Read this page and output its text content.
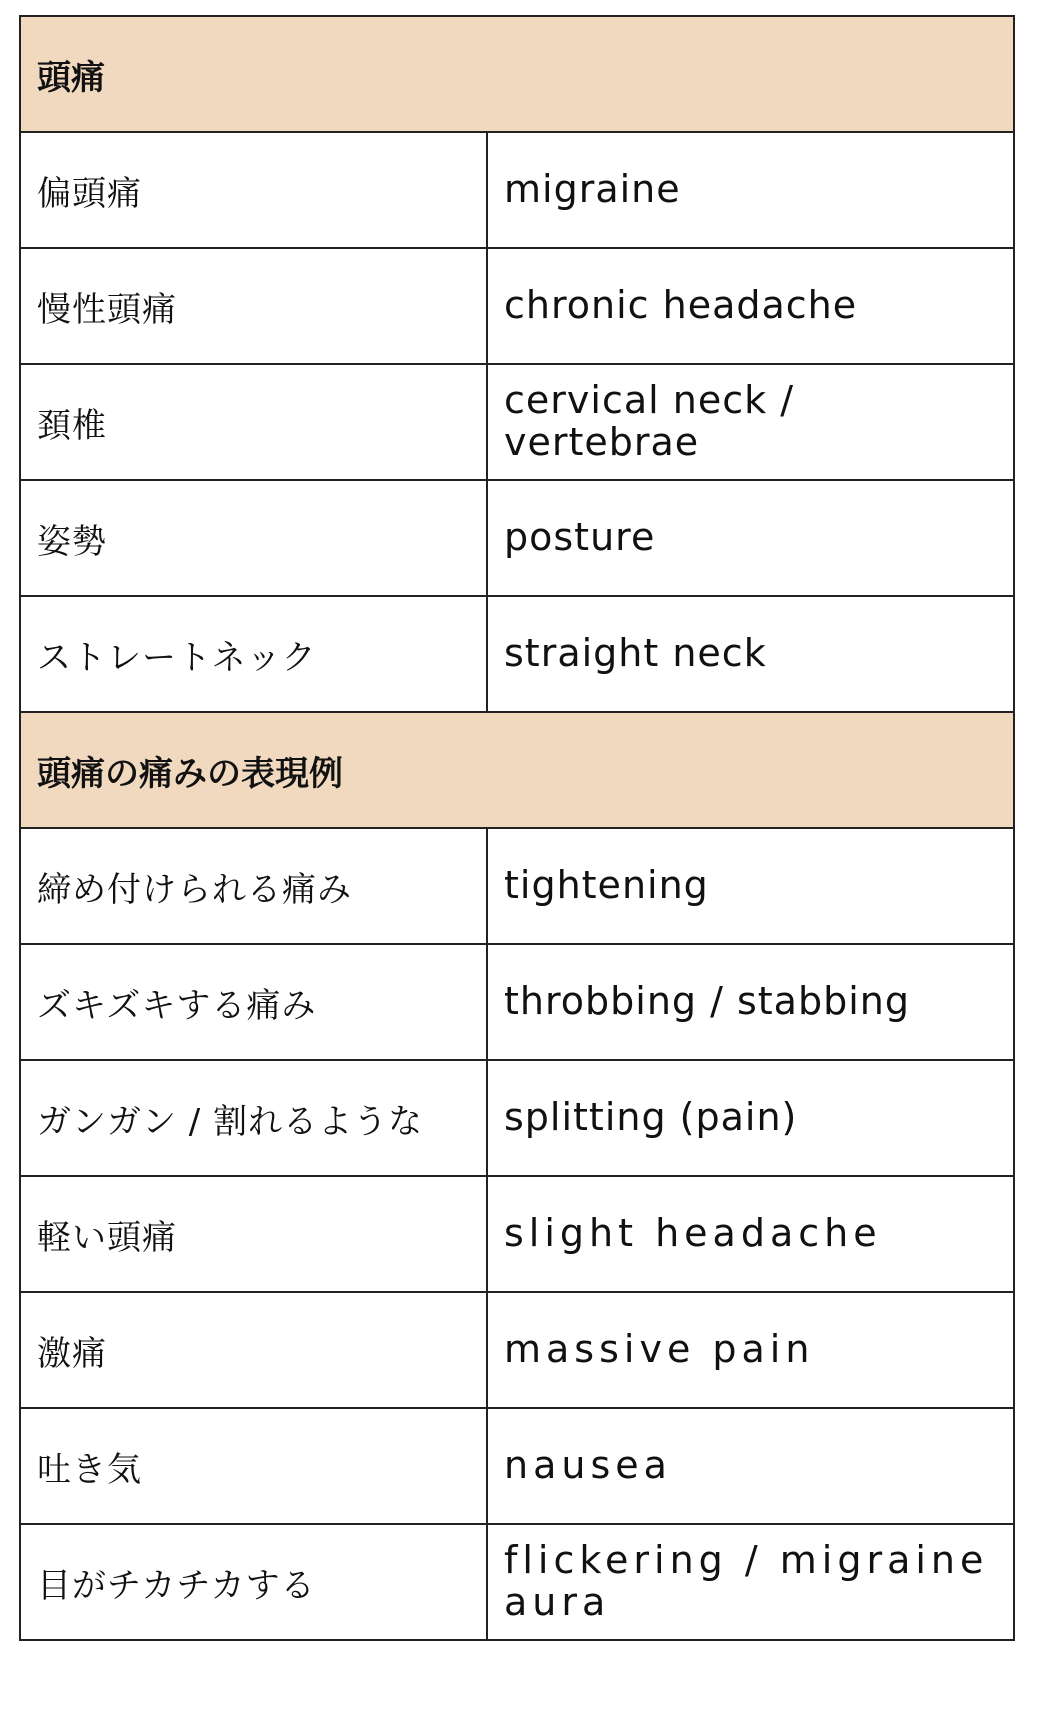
頭痛	
偏頭痛	migraine
慢性頭痛	chronic headache
頚椎	cervical neck / vertebrae
姿勢	posture
ストレートネック	straight neck
頭痛の痛みの表現例	
締め付けられる痛み	tightening
ズキズキする痛み	throbbing / stabbing
ガンガン / 割れるような	splitting (pain)
軽い頭痛	slight headache
激痛	massive pain
吐き気	nausea
目がチカチカする	flickering / migraine aura
